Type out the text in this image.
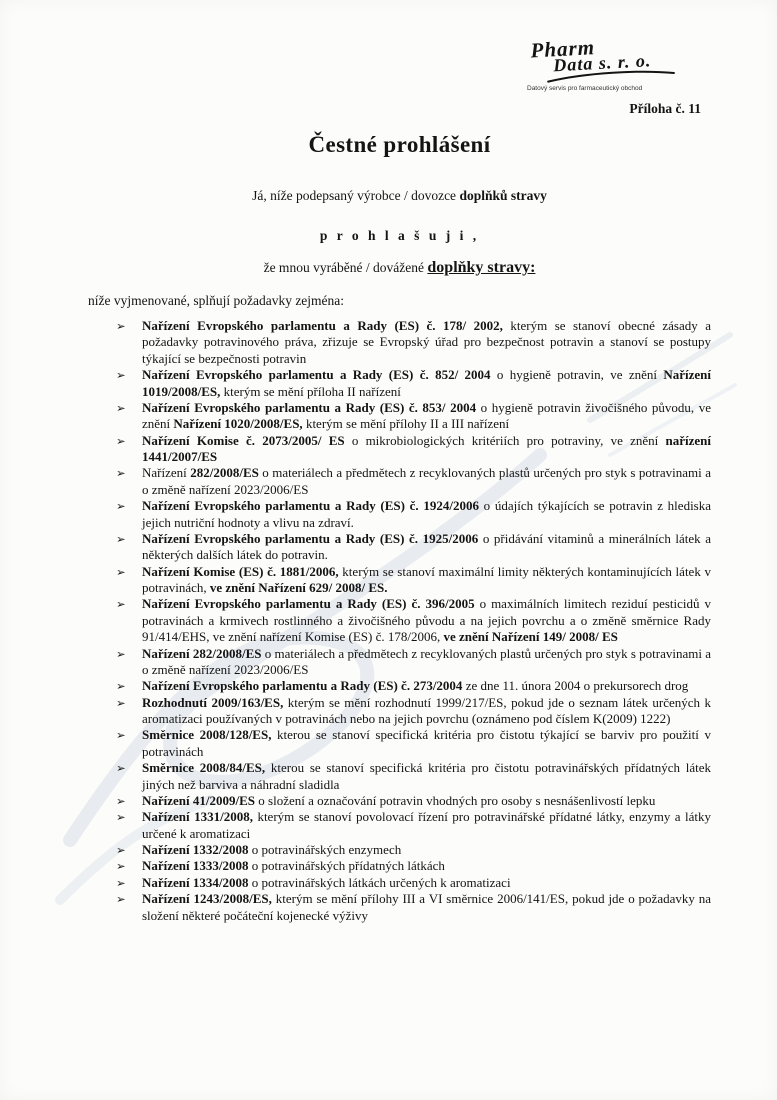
Pharm
Data s. r. o.
Datový servis pro farmaceutický obchod
Příloha č. 11
Čestné prohlášení

Já, níže podepsaný výrobce / dovozce doplňků stravy

p r o h l a š u j i ,

že mnou vyráběné / dovážené doplňky stravy:

níže vyjmenované, splňují požadavky zejména:

➢	Nařízení Evropského parlamentu a Rady (ES) č. 178/ 2002, kterým se stanoví obecné zásady a požadavky potravinového práva, zřizuje se Evropský úřad pro bezpečnost potravin a stanoví se postupy týkající se bezpečnosti potravin
➢	Nařízení Evropského parlamentu a Rady (ES) č. 852/ 2004 o hygieně potravin, ve znění Nařízení 1019/2008/ES, kterým se mění příloha II nařízení
➢	Nařízení Evropského parlamentu a Rady (ES) č. 853/ 2004 o hygieně potravin živočišného původu, ve znění Nařízení 1020/2008/ES, kterým se mění přílohy II a III nařízení
➢	Nařízení Komise č. 2073/2005/ ES o mikrobiologických kritériích pro potraviny, ve znění nařízení 1441/2007/ES
➢	Nařízení 282/2008/ES o materiálech a předmětech z recyklovaných plastů určených pro styk s potravinami a o změně nařízení 2023/2006/ES
➢	Nařízení Evropského parlamentu a Rady (ES) č. 1924/2006 o údajích týkajících se potravin z hlediska jejich nutriční hodnoty a vlivu na zdraví.
➢	Nařízení Evropského parlamentu a Rady (ES) č. 1925/2006 o přidávání vitaminů a minerálních látek a některých dalších látek do potravin.
➢	Nařízení Komise (ES) č. 1881/2006, kterým se stanoví maximální limity některých kontaminujících látek v potravinách, ve znění Nařízení 629/ 2008/ ES.
➢	Nařízení Evropského parlamentu a Rady (ES) č. 396/2005 o maximálních limitech reziduí pesticidů v potravinách a krmivech rostlinného a živočišného původu a na jejich povrchu a o změně směrnice Rady 91/414/EHS, ve znění nařízení Komise (ES) č. 178/2006, ve znění Nařízení 149/ 2008/ ES
➢	Nařízení 282/2008/ES o materiálech a předmětech z recyklovaných plastů určených pro styk s potravinami a o změně nařízení 2023/2006/ES
➢	Nařízení Evropského parlamentu a Rady (ES) č. 273/2004 ze dne 11. února 2004 o prekursorech drog
➢	Rozhodnutí 2009/163/ES, kterým se mění rozhodnutí 1999/217/ES, pokud jde o seznam látek určených k aromatizaci používaných v potravinách nebo na jejich povrchu (oznámeno pod číslem K(2009) 1222)
➢	Směrnice 2008/128/ES, kterou se stanoví specifická kritéria pro čistotu týkající se barviv pro použití v potravinách
➢	Směrnice 2008/84/ES, kterou se stanoví specifická kritéria pro čistotu potravinářských přídatných látek jiných než barviva a náhradní sladidla
➢	Nařízení 41/2009/ES o složení a označování potravin vhodných pro osoby s nesnášenlivostí lepku
➢	Nařízení 1331/2008, kterým se stanoví povolovací řízení pro potravinářské přídatné látky, enzymy a látky určené k aromatizaci
➢	Nařízení 1332/2008 o potravinářských enzymech
➢	Nařízení 1333/2008 o potravinářských přídatných látkách
➢	Nařízení 1334/2008 o potravinářských látkách určených k aromatizaci
➢	Nařízení 1243/2008/ES, kterým se mění přílohy III a VI směrnice 2006/141/ES, pokud jde o požadavky na složení některé počáteční kojenecké výživy
